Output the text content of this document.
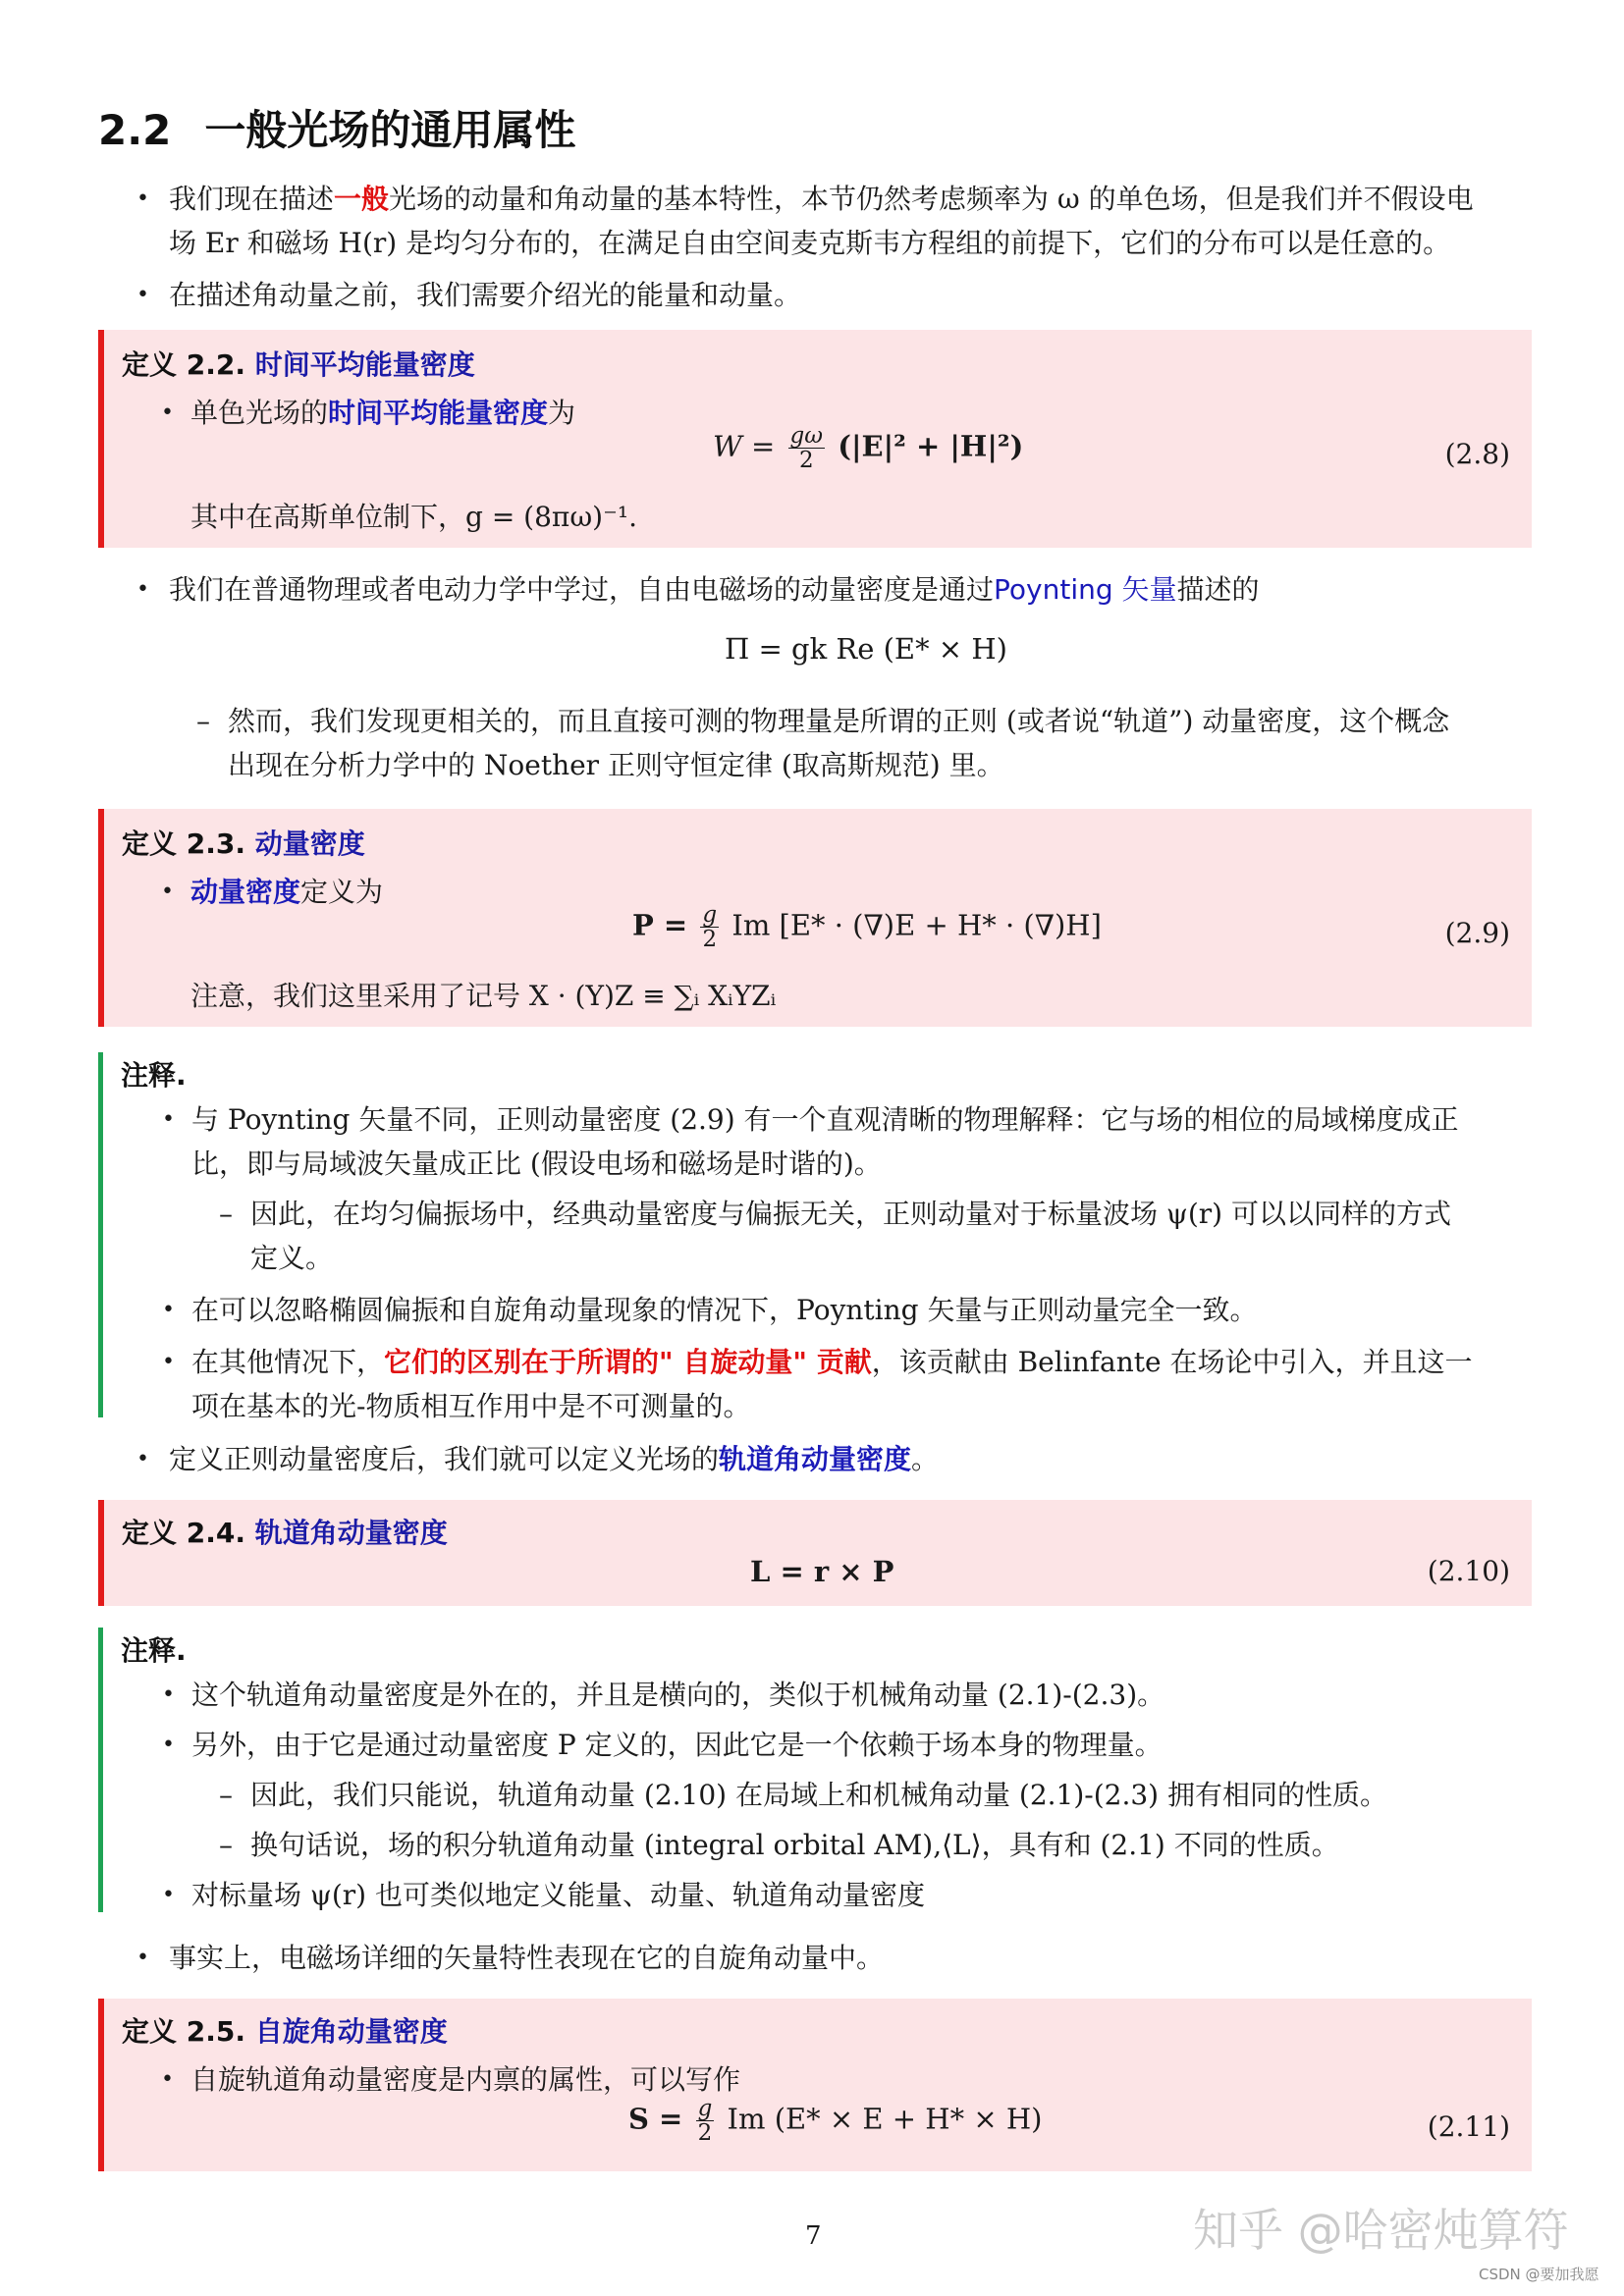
2.2 一般光场的通用属性
• 我们现在描述一般光场的动量和角动量的基本特性，本节仍然考虑频率为 ω 的单色场，但是我们并不假设电
场 Er 和磁场 H(r) 是均匀分布的，在满足自由空间麦克斯韦方程组的前提下，它们的分布可以是任意的。
• 在描述角动量之前，我们需要介绍光的能量和动量。
定义 2.2. 时间平均能量密度
• 单色光场的时间平均能量密度为
$W = \frac{g\omega}{2} (|E|^2 + |H|^2)$	(2.8)
其中在高斯单位制下，g = (8πω)⁻¹.
• 我们在普通物理或者电动力学中学过，自由电磁场的动量密度是通过Poynting 矢量描述的
Π = gk Re (E* × H)
– 然而，我们发现更相关的，而且直接可测的物理量是所谓的正则 (或者说“轨道”) 动量密度，这个概念
出现在分析力学中的 Noether 正则守恒定律 (取高斯规范) 里。
定义 2.3. 动量密度
• 动量密度定义为
$P = \frac{g}{2}$ Im [E* · (∇)E + H* · (∇)H]	(2.9)
注意，我们这里采用了记号 X · (Y)Z ≡ ∑ᵢ XᵢYZᵢ
注释.
• 与 Poynting 矢量不同，正则动量密度 (2.9) 有一个直观清晰的物理解释：它与场的相位的局域梯度成正
比，即与局域波矢量成正比 (假设电场和磁场是时谐的)。
– 因此，在均匀偏振场中，经典动量密度与偏振无关，正则动量对于标量波场 ψ(r) 可以以同样的方式
定义。
• 在可以忽略椭圆偏振和自旋角动量现象的情况下，Poynting 矢量与正则动量完全一致。
• 在其他情况下，它们的区别在于所谓的" 自旋动量" 贡献，该贡献由 Belinfante 在场论中引入，并且这一
项在基本的光-物质相互作用中是不可测量的。
• 定义正则动量密度后，我们就可以定义光场的轨道角动量密度。
定义 2.4. 轨道角动量密度
L = r × P	(2.10)
注释.
• 这个轨道角动量密度是外在的，并且是横向的，类似于机械角动量 (2.1)-(2.3)。
• 另外，由于它是通过动量密度 P 定义的，因此它是一个依赖于场本身的物理量。
– 因此，我们只能说，轨道角动量 (2.10) 在局域上和机械角动量 (2.1)-(2.3) 拥有相同的性质。
– 换句话说，场的积分轨道角动量 (integral orbital AM),⟨L⟩，具有和 (2.1) 不同的性质。
• 对标量场 ψ(r) 也可类似地定义能量、动量、轨道角动量密度
• 事实上，电磁场详细的矢量特性表现在它的自旋角动量中。
定义 2.5. 自旋角动量密度
• 自旋轨道角动量密度是内禀的属性，可以写作
$S = \frac{g}{2}$ Im (E* × E + H* × H)	(2.11)
7	知乎 @哈密炖算符
CSDN @要加我愿
